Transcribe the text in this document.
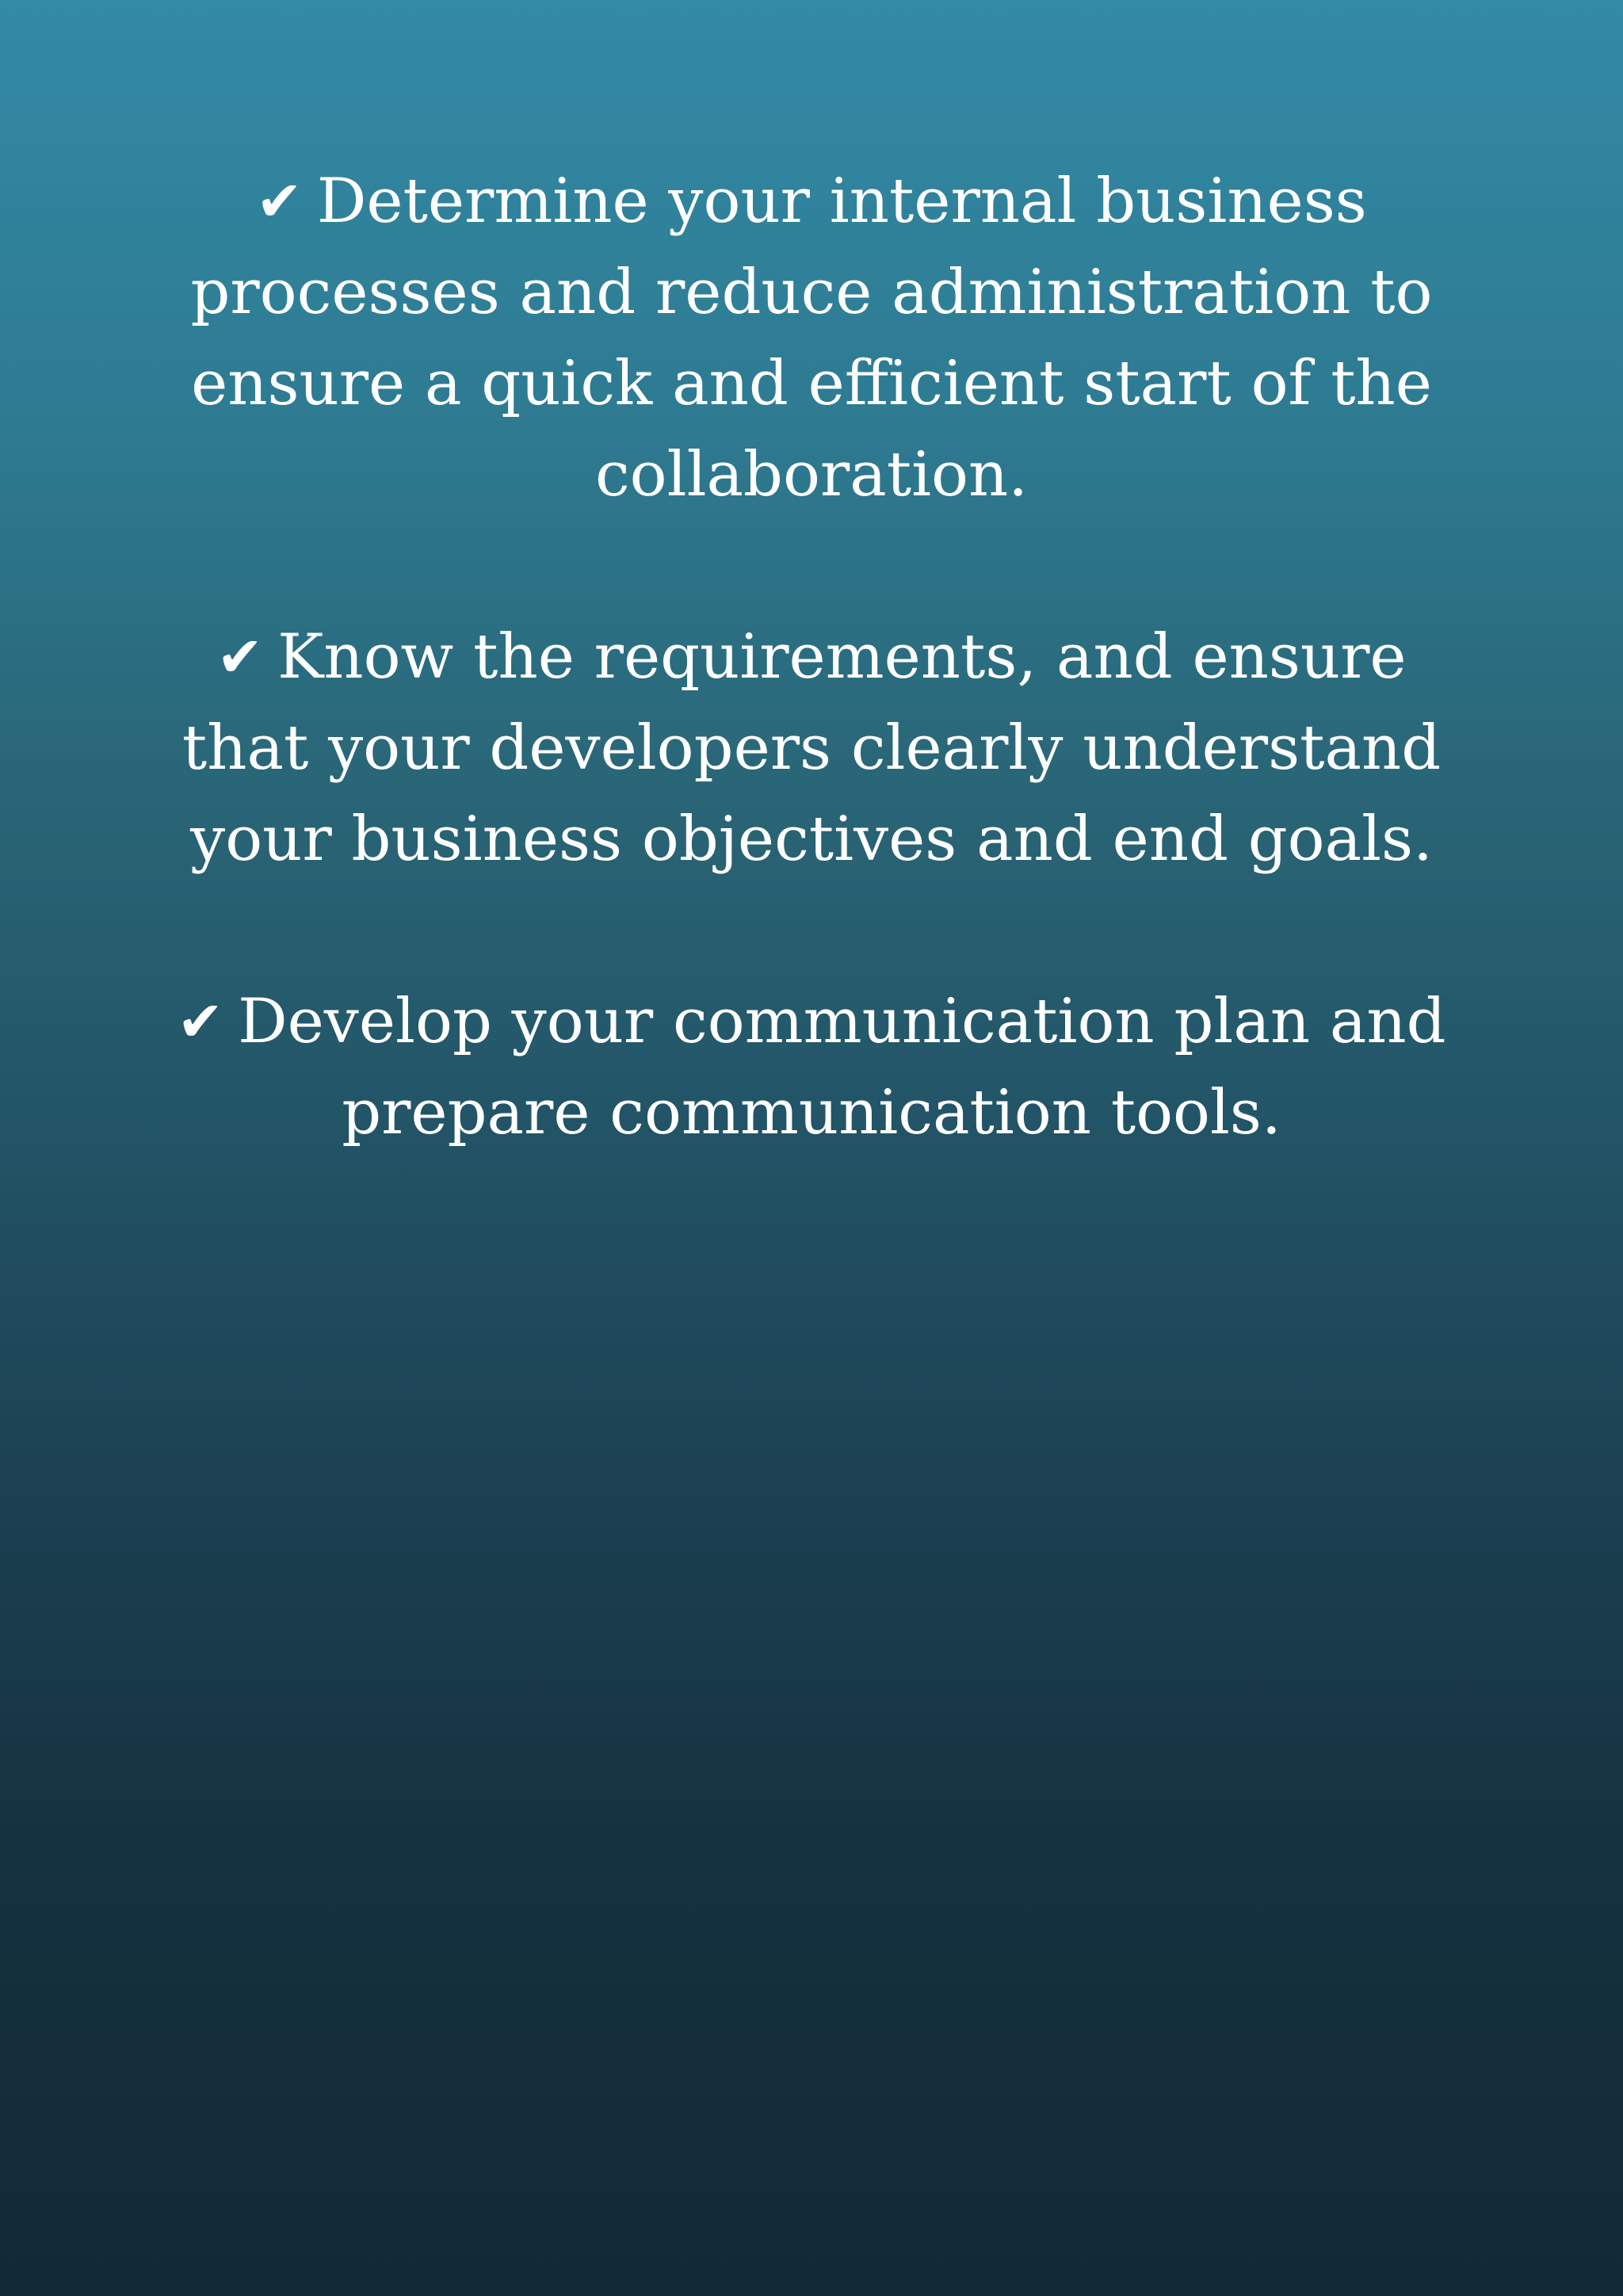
✔ Determine your internal business processes and reduce administration to ensure a quick and efficient start of the collaboration.
✔ Know the requirements, and ensure that your developers clearly understand your business objectives and end goals.
✔ Develop your communication plan and prepare communication tools.
